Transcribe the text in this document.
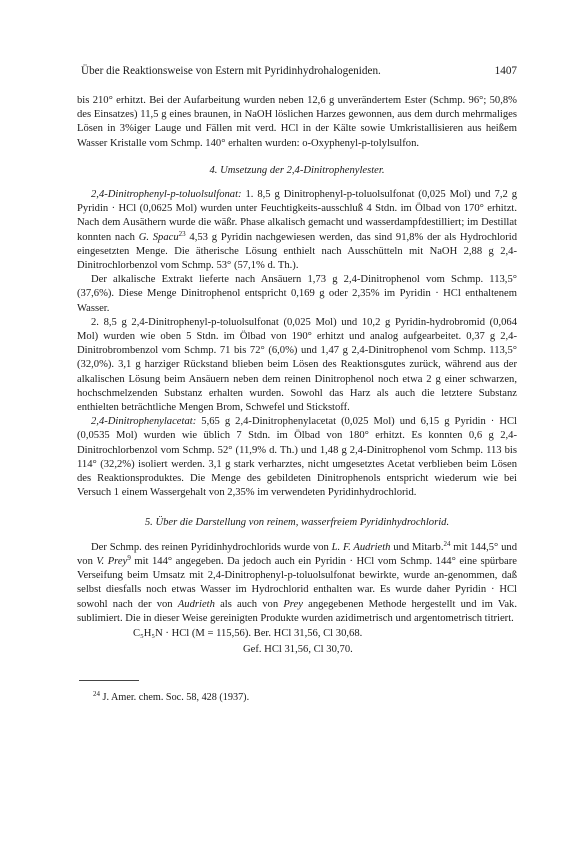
Über die Reaktionsweise von Estern mit Pyridinhydrohalogeniden.	1407

bis 210° erhitzt. Bei der Aufarbeitung wurden neben 12,6 g unverändertem Ester (Schmp. 96°; 50,8% des Einsatzes) 11,5 g eines braunen, in NaOH löslichen Harzes gewonnen, aus dem durch mehrmaliges Lösen in 3%iger Lauge und Fällen mit verd. HCl in der Kälte sowie Umkristallisieren aus heißem Wasser Kristalle vom Schmp. 140° erhalten wurden: o-Oxyphenyl-p-tolylsulfon.

4. Umsetzung der 2,4-Dinitrophenylester.

2,4-Dinitrophenyl-p-toluolsulfonat: 1. 8,5 g Dinitrophenyl-p-toluolsulfonat (0,025 Mol) und 7,2 g Pyridin · HCl (0,0625 Mol) wurden unter Feuchtigkeits-ausschluß 4 Stdn. im Ölbad von 170° erhitzt. Nach dem Ausäthern wurde die wäßr. Phase alkalisch gemacht und wasserdampfdestilliert; im Destillat konnten nach G. Spacu$^{23}$ 4,53 g Pyridin nachgewiesen werden, das sind 91,8% der als Hydrochlorid eingesetzten Menge. Die ätherische Lösung enthielt nach Ausschütteln mit NaOH 2,88 g 2,4-Dinitrochlorbenzol vom Schmp. 53° (57,1% d. Th.).

Der alkalische Extrakt lieferte nach Ansäuern 1,73 g 2,4-Dinitrophenol vom Schmp. 113,5° (37,6%). Diese Menge Dinitrophenol entspricht 0,169 g oder 2,35% im Pyridin · HCl enthaltenem Wasser.

2. 8,5 g 2,4-Dinitrophenyl-p-toluolsulfonat (0,025 Mol) und 10,2 g Pyridin-hydrobromid (0,064 Mol) wurden wie oben 5 Stdn. im Ölbad von 190° erhitzt und analog aufgearbeitet. 0,37 g 2,4-Dinitrobrombenzol vom Schmp. 71 bis 72° (6,0%) und 1,47 g 2,4-Dinitrophenol vom Schmp. 113,5° (32,0%). 3,1 g harziger Rückstand blieben beim Lösen des Reaktionsgutes zurück, während aus der alkalischen Lösung beim Ansäuern neben dem reinen Dinitrophenol noch etwa 2 g einer schwarzen, hochschmelzenden Substanz erhalten wurden. Sowohl das Harz als auch die letztere Substanz enthielten beträchtliche Mengen Brom, Schwefel und Stickstoff.

2,4-Dinitrophenylacetat: 5,65 g 2,4-Dinitrophenylacetat (0,025 Mol) und 6,15 g Pyridin · HCl (0,0535 Mol) wurden wie üblich 7 Stdn. im Ölbad von 180° erhitzt. Es konnten 0,6 g 2,4-Dinitrochlorbenzol vom Schmp. 52° (11,9% d. Th.) und 1,48 g 2,4-Dinitrophenol vom Schmp. 113 bis 114° (32,2%) isoliert werden. 3,1 g stark verharztes, nicht umgesetztes Acetat verblieben beim Lösen des Reaktionsproduktes. Die Menge des gebildeten Dinitrophenols entspricht wiederum wie bei Versuch 1 einem Wassergehalt von 2,35% im verwendeten Pyridinhydrochlorid.

5. Über die Darstellung von reinem, wasserfreiem Pyridinhydrochlorid.

Der Schmp. des reinen Pyridinhydrochlorids wurde von L. F. Audrieth und Mitarb.$^{24}$ mit 144,5° und von V. Prey$^9$ mit 144° angegeben. Da jedoch auch ein Pyridin · HCl vom Schmp. 144° eine spürbare Verseifung beim Umsatz mit 2,4-Dinitrophenyl-p-toluolsulfonat bewirkte, wurde an-genommen, daß selbst diesfalls noch etwas Wasser im Hydrochlorid enthalten war. Es wurde daher Pyridin · HCl sowohl nach der von Audrieth als auch von Prey angegebenen Methode hergestellt und im Vak. sublimiert. Die in dieser Weise gereinigten Produkte wurden azidimetrisch und argentometrisch titriert.

C₅H₅N · HCl (M = 115,56). Ber. HCl 31,56, Cl 30,68.
Gef. HCl 31,56, Cl 30,70.

$^{24}$ J. Amer. chem. Soc. 58, 428 (1937).
